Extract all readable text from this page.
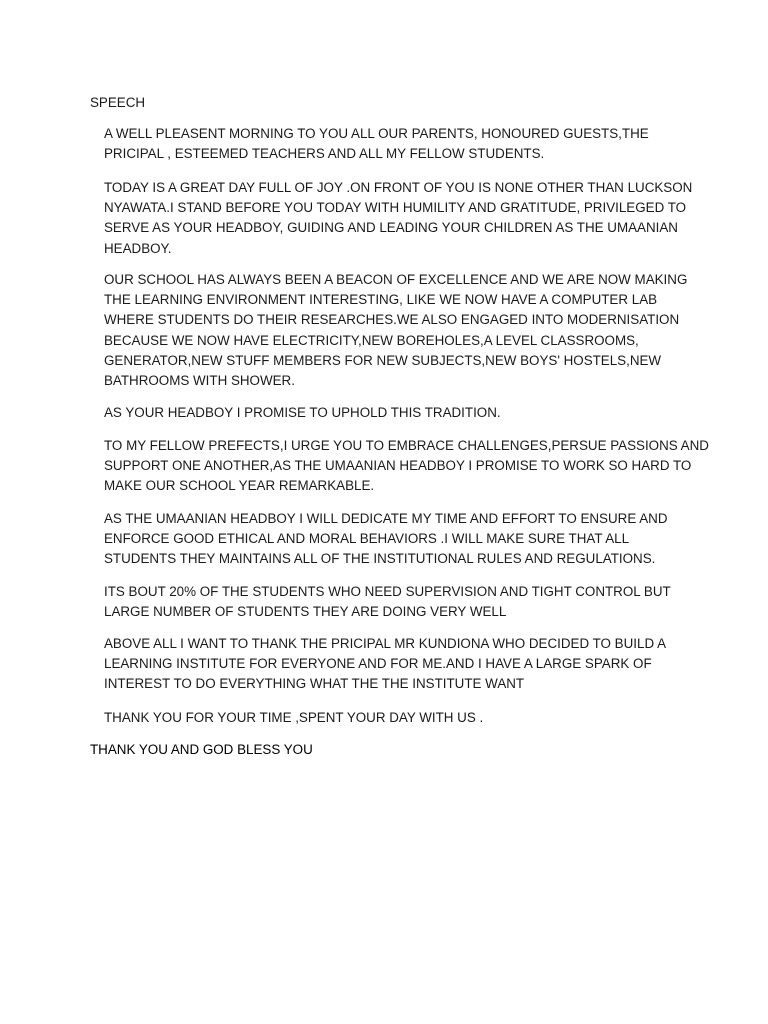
SPEECH

A WELL PLEASENT MORNING TO YOU ALL OUR PARENTS, HONOURED GUESTS,THE
PRICIPAL , ESTEEMED TEACHERS AND ALL MY FELLOW STUDENTS.

TODAY IS A GREAT DAY FULL OF JOY .ON FRONT OF YOU IS NONE OTHER THAN LUCKSON
NYAWATA.I STAND BEFORE YOU TODAY WITH HUMILITY AND GRATITUDE, PRIVILEGED TO
SERVE AS YOUR HEADBOY, GUIDING AND LEADING YOUR CHILDREN AS THE UMAANIAN
HEADBOY.

OUR SCHOOL HAS ALWAYS BEEN A BEACON OF EXCELLENCE AND WE ARE NOW MAKING
THE LEARNING ENVIRONMENT INTERESTING, LIKE WE NOW HAVE A COMPUTER LAB
WHERE STUDENTS DO THEIR RESEARCHES.WE ALSO ENGAGED INTO MODERNISATION
BECAUSE WE NOW HAVE ELECTRICITY,NEW BOREHOLES,A LEVEL CLASSROOMS,
GENERATOR,NEW STUFF MEMBERS FOR NEW SUBJECTS,NEW BOYS' HOSTELS,NEW
BATHROOMS WITH SHOWER.

AS YOUR HEADBOY I PROMISE TO UPHOLD THIS TRADITION.

TO MY FELLOW PREFECTS,I URGE YOU TO EMBRACE CHALLENGES,PERSUE PASSIONS AND
SUPPORT ONE ANOTHER,AS THE UMAANIAN HEADBOY I PROMISE TO WORK SO HARD TO
MAKE OUR SCHOOL YEAR REMARKABLE.

AS THE UMAANIAN HEADBOY I WILL DEDICATE MY TIME AND EFFORT TO ENSURE AND
ENFORCE GOOD ETHICAL AND MORAL BEHAVIORS .I WILL MAKE SURE THAT ALL
STUDENTS THEY MAINTAINS ALL OF THE INSTITUTIONAL RULES AND REGULATIONS.

ITS BOUT 20% OF THE STUDENTS WHO NEED SUPERVISION AND TIGHT CONTROL BUT
LARGE NUMBER OF STUDENTS THEY ARE DOING VERY WELL

ABOVE ALL I WANT TO THANK THE PRICIPAL MR KUNDIONA WHO DECIDED TO BUILD A
LEARNING INSTITUTE FOR EVERYONE AND FOR ME.AND I HAVE A LARGE SPARK OF
INTEREST TO DO EVERYTHING WHAT THE THE INSTITUTE WANT

THANK YOU FOR YOUR TIME ,SPENT YOUR DAY WITH US .

THANK YOU AND GOD BLESS YOU
